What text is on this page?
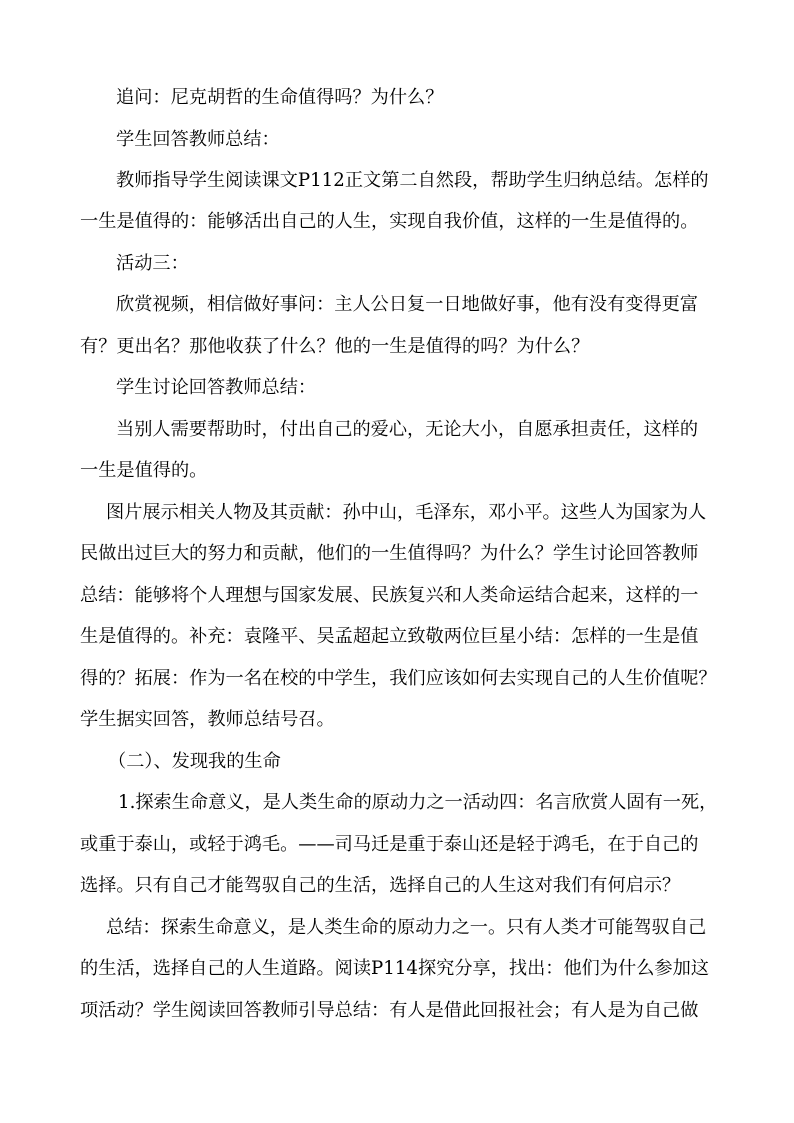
追问：尼克胡哲的生命值得吗？为什么？

学生回答教师总结：

教师指导学生阅读课文P112正文第二自然段，帮助学生归纳总结。怎样的

一生是值得的：能够活出自己的人生，实现自我价值，这样的一生是值得的。

活动三：

欣赏视频，相信做好事问：主人公日复一日地做好事，他有没有变得更富

有？更出名？那他收获了什么？他的一生是值得的吗？为什么？

学生讨论回答教师总结：

当别人需要帮助时，付出自己的爱心，无论大小，自愿承担责任，这样的

一生是值得的。

图片展示相关人物及其贡献：孙中山，毛泽东，邓小平。这些人为国家为人

民做出过巨大的努力和贡献，他们的一生值得吗？为什么？学生讨论回答教师

总结：能够将个人理想与国家发展、民族复兴和人类命运结合起来，这样的一

生是值得的。补充：袁隆平、吴孟超起立致敬两位巨星小结：怎样的一生是值

得的？拓展：作为一名在校的中学生，我们应该如何去实现自己的人生价值呢？

学生据实回答，教师总结号召。

（二）、发现我的生命

1.探索生命意义，是人类生命的原动力之一活动四：名言欣赏人固有一死，

或重于泰山，或轻于鸿毛。——司马迁是重于泰山还是轻于鸿毛，在于自己的

选择。只有自己才能驾驭自己的生活，选择自己的人生这对我们有何启示？

总结：探索生命意义，是人类生命的原动力之一。只有人类才可能驾驭自己

的生活，选择自己的人生道路。阅读P114探究分享，找出：他们为什么参加这

项活动？学生阅读回答教师引导总结：有人是借此回报社会；有人是为自己做
